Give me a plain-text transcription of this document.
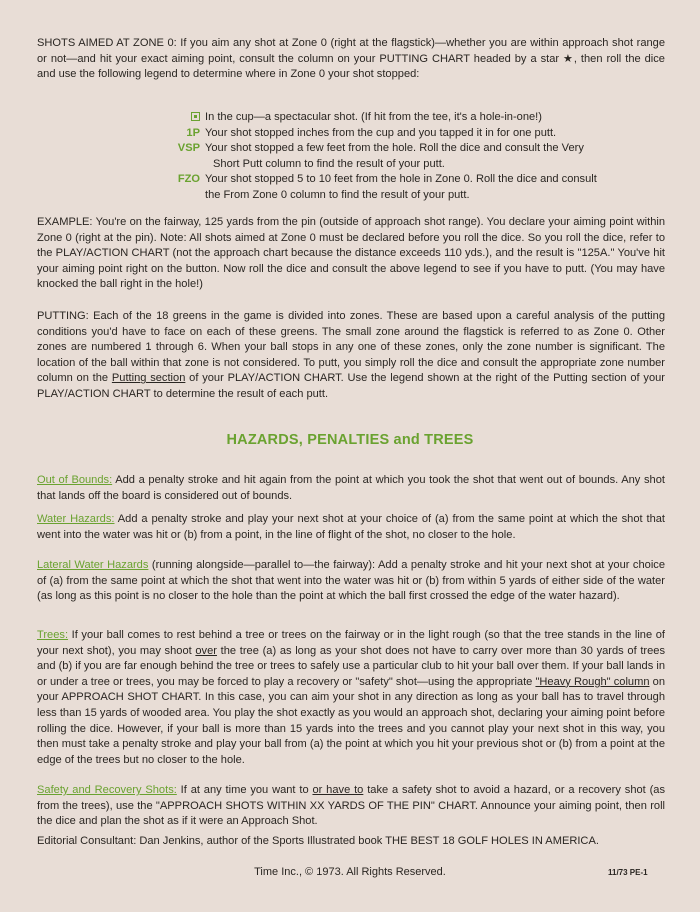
SHOTS AIMED AT ZONE 0: If you aim any shot at Zone 0 (right at the flagstick)—whether you are within approach shot range or not—and hit your exact aiming point, consult the column on your PUTTING CHART headed by a star ★, then roll the dice and use the following legend to determine where in Zone 0 your shot stopped:

In the cup—a spectacular shot. (If hit from the tee, it's a hole-in-one!)
1P Your shot stopped inches from the cup and you tapped it in for one putt.
VSP Your shot stopped a few feet from the hole. Roll the dice and consult the Very
Short Putt column to find the result of your putt.
FZO Your shot stopped 5 to 10 feet from the hole in Zone 0. Roll the dice and consult
the From Zone 0 column to find the result of your putt.

EXAMPLE: You're on the fairway, 125 yards from the pin (outside of approach shot range). You declare your aiming point within Zone 0 (right at the pin). Note: All shots aimed at Zone 0 must be declared before you roll the dice. So you roll the dice, refer to the PLAY/ACTION CHART (not the approach chart because the distance exceeds 110 yds.), and the result is "125A." You've hit your aiming point right on the button. Now roll the dice and consult the above legend to see if you have to putt. (You may have knocked the ball right in the hole!)

PUTTING: Each of the 18 greens in the game is divided into zones. These are based upon a careful analysis of the putting conditions you'd have to face on each of these greens. The small zone around the flagstick is referred to as Zone 0. Other zones are numbered 1 through 6. When your ball stops in any one of these zones, only the zone number is significant. The location of the ball within that zone is not considered. To putt, you simply roll the dice and consult the appropriate zone number column on the Putting section of your PLAY/ACTION CHART. Use the legend shown at the right of the Putting section of your PLAY/ACTION CHART to determine the result of each putt.

HAZARDS, PENALTIES and TREES

Out of Bounds: Add a penalty stroke and hit again from the point at which you took the shot that went out of bounds. Any shot that lands off the board is considered out of bounds.

Water Hazards: Add a penalty stroke and play your next shot at your choice of (a) from the same point at which the shot that went into the water was hit or (b) from a point, in the line of flight of the shot, no closer to the hole.

Lateral Water Hazards (running alongside—parallel to—the fairway): Add a penalty stroke and hit your next shot at your choice of (a) from the same point at which the shot that went into the water was hit or (b) from within 5 yards of either side of the water (as long as this point is no closer to the hole than the point at which the ball first crossed the edge of the water hazard).

Trees: If your ball comes to rest behind a tree or trees on the fairway or in the light rough (so that the tree stands in the line of your next shot), you may shoot over the tree (a) as long as your shot does not have to carry over more than 30 yards of trees and (b) if you are far enough behind the tree or trees to safely use a particular club to hit your ball over them. If your ball lands in or under a tree or trees, you may be forced to play a recovery or "safety" shot—using the appropriate "Heavy Rough" column on your APPROACH SHOT CHART. In this case, you can aim your shot in any direction as long as your ball has to travel through less than 15 yards of wooded area. You play the shot exactly as you would an approach shot, declaring your aiming point before rolling the dice. However, if your ball is more than 15 yards into the trees and you cannot play your next shot in this way, you then must take a penalty stroke and play your ball from (a) the point at which you hit your previous shot or (b) from a point at the edge of the trees but no closer to the hole.

Safety and Recovery Shots: If at any time you want to or have to take a safety shot to avoid a hazard, or a recovery shot (as from the trees), use the "APPROACH SHOTS WITHIN XX YARDS OF THE PIN" CHART. Announce your aiming point, then roll the dice and plan the shot as if it were an Approach Shot.

Editorial Consultant: Dan Jenkins, author of the Sports Illustrated book THE BEST 18 GOLF HOLES IN AMERICA.

Time Inc., © 1973. All Rights Reserved.	11/73 PE-1
